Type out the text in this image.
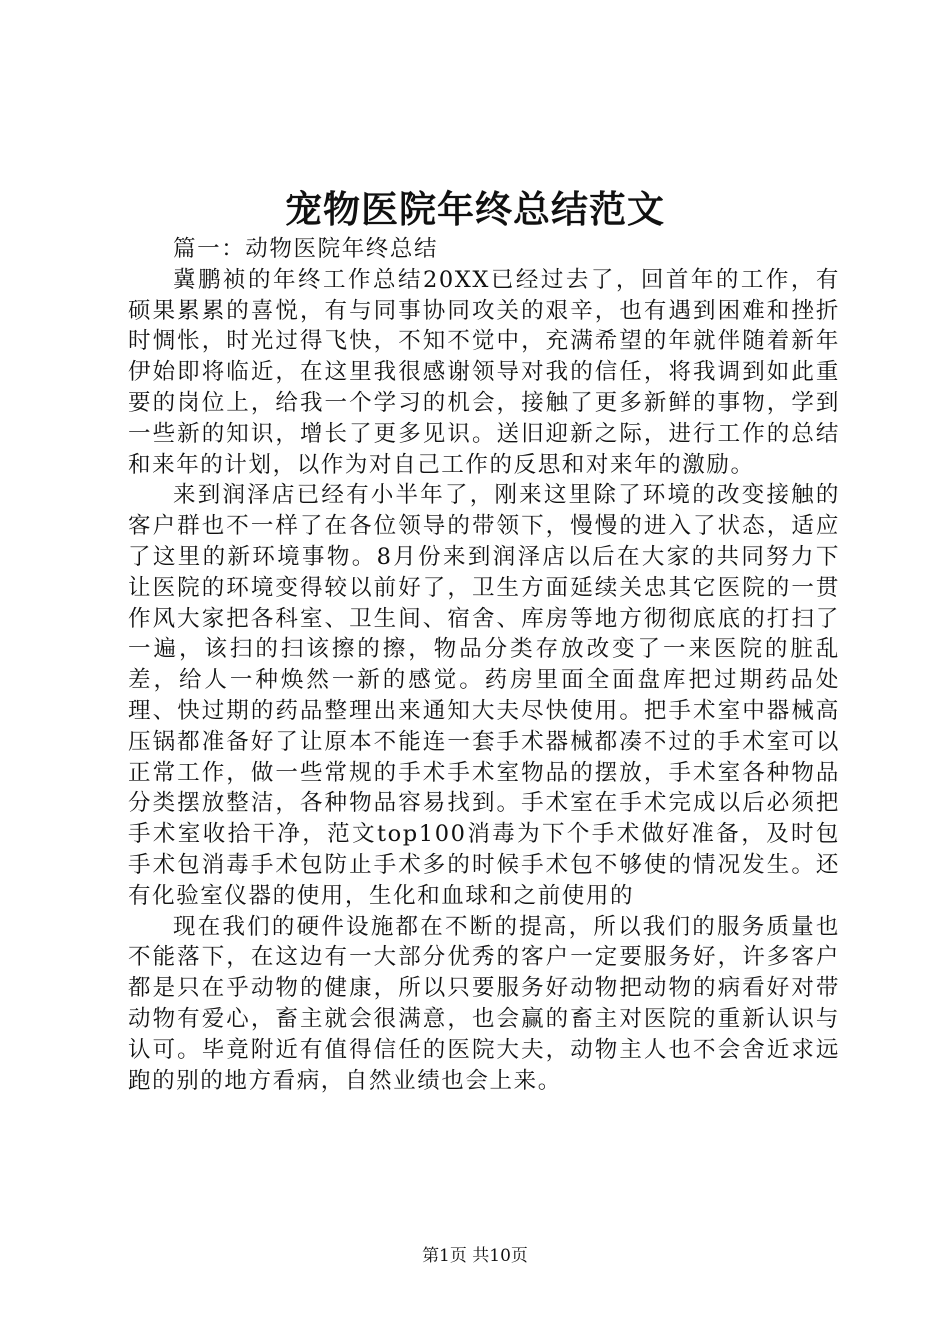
宠物医院年终总结范文

篇一：动物医院年终总结

冀鹏祯的年终工作总结20XX已经过去了，回首年的工作，有硕果累累的喜悦，有与同事协同攻关的艰辛，也有遇到困难和挫折时惆怅，时光过得飞快，不知不觉中，充满希望的年就伴随着新年伊始即将临近，在这里我很感谢领导对我的信任，将我调到如此重要的岗位上，给我一个学习的机会，接触了更多新鲜的事物，学到一些新的知识，增长了更多见识。送旧迎新之际，进行工作的总结和来年的计划，以作为对自己工作的反思和对来年的激励。

来到润泽店已经有小半年了，刚来这里除了环境的改变接触的客户群也不一样了在各位领导的带领下，慢慢的进入了状态，适应了这里的新环境事物。8月份来到润泽店以后在大家的共同努力下让医院的环境变得较以前好了，卫生方面延续关忠其它医院的一贯作风大家把各科室、卫生间、宿舍、库房等地方彻彻底底的打扫了一遍，该扫的扫该擦的擦，物品分类存放改变了一来医院的脏乱差，给人一种焕然一新的感觉。药房里面全面盘库把过期药品处理、快过期的药品整理出来通知大夫尽快使用。把手术室中器械高压锅都准备好了让原本不能连一套手术器械都凑不过的手术室可以正常工作，做一些常规的手术手术室物品的摆放，手术室各种物品分类摆放整洁，各种物品容易找到。手术室在手术完成以后必须把手术室收拾干净，范文top100消毒为下个手术做好准备，及时包手术包消毒手术包防止手术多的时候手术包不够使的情况发生。还有化验室仪器的使用，生化和血球和之前使用的

现在我们的硬件设施都在不断的提高，所以我们的服务质量也不能落下，在这边有一大部分优秀的客户一定要服务好，许多客户都是只在乎动物的健康，所以只要服务好动物把动物的病看好对带动物有爱心，畜主就会很满意，也会赢的畜主对医院的重新认识与认可。毕竟附近有值得信任的医院大夫，动物主人也不会舍近求远跑的别的地方看病，自然业绩也会上来。

第1页 共10页
